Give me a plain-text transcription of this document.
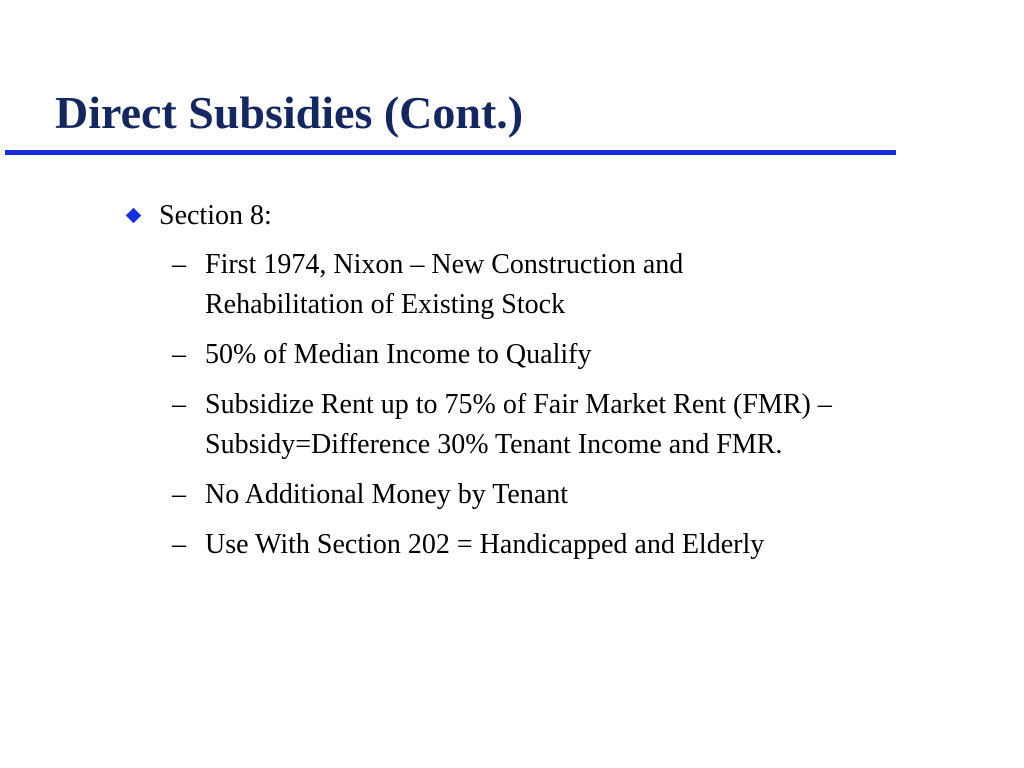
Direct Subsidies (Cont.)
Section 8:
– First 1974, Nixon – New Construction and
Rehabilitation of Existing Stock
– 50% of Median Income to Qualify
– Subsidize Rent up to 75% of Fair Market Rent (FMR) –
Subsidy=Difference 30% Tenant Income and FMR.
– No Additional Money by Tenant
– Use With Section 202 = Handicapped and Elderly
